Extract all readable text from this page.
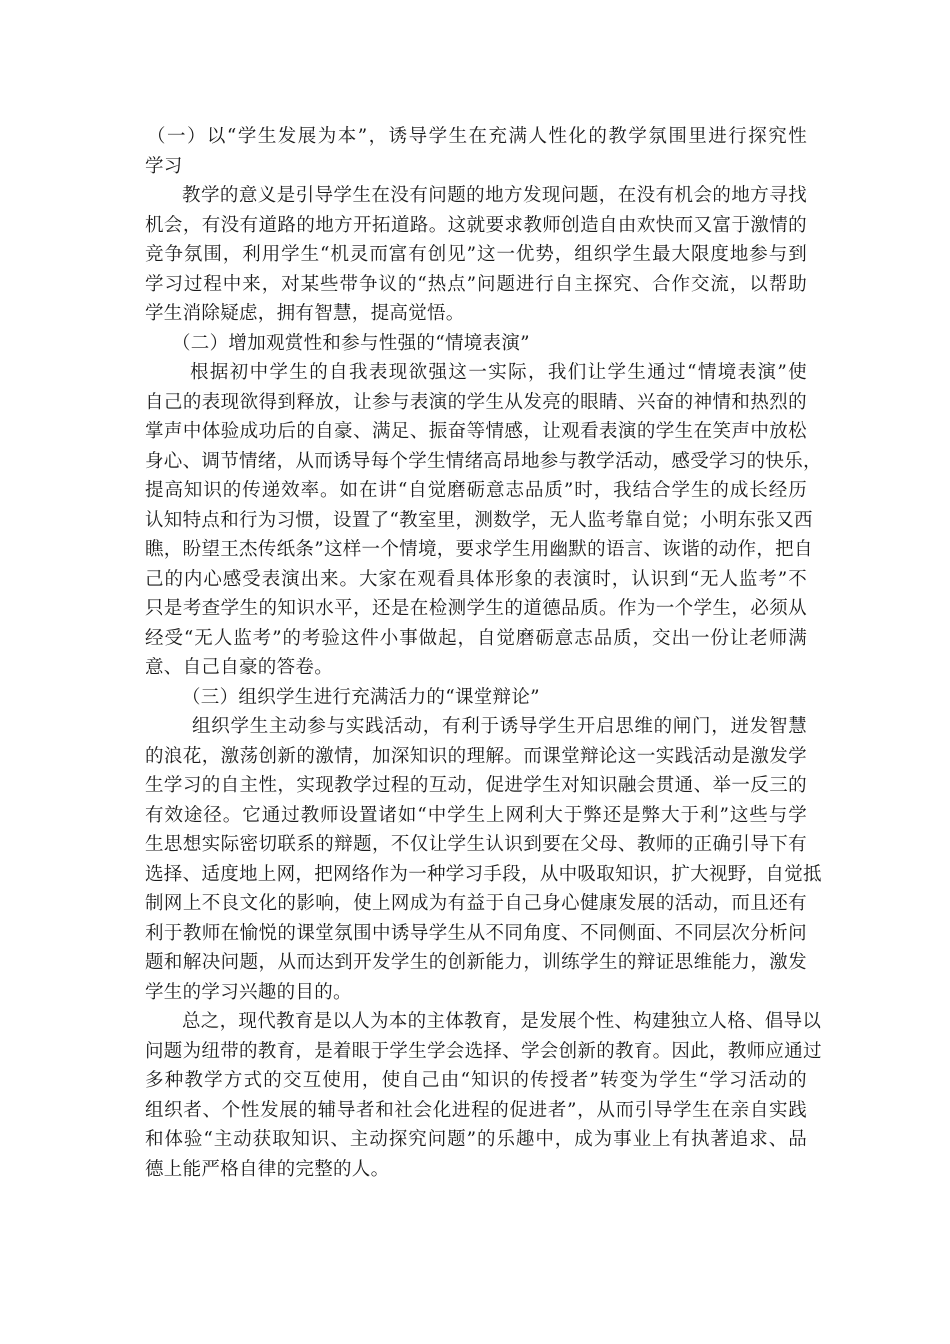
（一）以“学生发展为本”，诱导学生在充满人性化的教学氛围里进行探究性
学习
教学的意义是引导学生在没有问题的地方发现问题，在没有机会的地方寻找
机会，有没有道路的地方开拓道路。这就要求教师创造自由欢快而又富于激情的
竞争氛围，利用学生“机灵而富有创见”这一优势，组织学生最大限度地参与到
学习过程中来，对某些带争议的“热点”问题进行自主探究、合作交流，以帮助
学生消除疑虑，拥有智慧，提高觉悟。
（二）增加观赏性和参与性强的“情境表演”
根据初中学生的自我表现欲强这一实际，我们让学生通过“情境表演”使
自己的表现欲得到释放，让参与表演的学生从发亮的眼睛、兴奋的神情和热烈的
掌声中体验成功后的自豪、满足、振奋等情感，让观看表演的学生在笑声中放松
身心、调节情绪，从而诱导每个学生情绪高昂地参与教学活动，感受学习的快乐，
提高知识的传递效率。如在讲“自觉磨砺意志品质”时，我结合学生的成长经历
认知特点和行为习惯，设置了“教室里，测数学，无人监考靠自觉；小明东张又西
瞧，盼望王杰传纸条”这样一个情境，要求学生用幽默的语言、诙谐的动作，把自
己的内心感受表演出来。大家在观看具体形象的表演时，认识到“无人监考”不
只是考查学生的知识水平，还是在检测学生的道德品质。作为一个学生，必须从
经受“无人监考”的考验这件小事做起，自觉磨砺意志品质，交出一份让老师满
意、自己自豪的答卷。
（三）组织学生进行充满活力的“课堂辩论”
组织学生主动参与实践活动，有利于诱导学生开启思维的闸门，迸发智慧
的浪花，激荡创新的激情，加深知识的理解。而课堂辩论这一实践活动是激发学
生学习的自主性，实现教学过程的互动，促进学生对知识融会贯通、举一反三的
有效途径。它通过教师设置诸如“中学生上网利大于弊还是弊大于利”这些与学
生思想实际密切联系的辩题，不仅让学生认识到要在父母、教师的正确引导下有
选择、适度地上网，把网络作为一种学习手段，从中吸取知识，扩大视野，自觉抵
制网上不良文化的影响，使上网成为有益于自己身心健康发展的活动，而且还有
利于教师在愉悦的课堂氛围中诱导学生从不同角度、不同侧面、不同层次分析问
题和解决问题，从而达到开发学生的创新能力，训练学生的辩证思维能力，激发
学生的学习兴趣的目的。
总之，现代教育是以人为本的主体教育，是发展个性、构建独立人格、倡导以
问题为纽带的教育，是着眼于学生学会选择、学会创新的教育。因此，教师应通过
多种教学方式的交互使用，使自己由“知识的传授者”转变为学生“学习活动的
组织者、个性发展的辅导者和社会化进程的促进者”，从而引导学生在亲自实践
和体验“主动获取知识、主动探究问题”的乐趣中，成为事业上有执著追求、品
德上能严格自律的完整的人。
